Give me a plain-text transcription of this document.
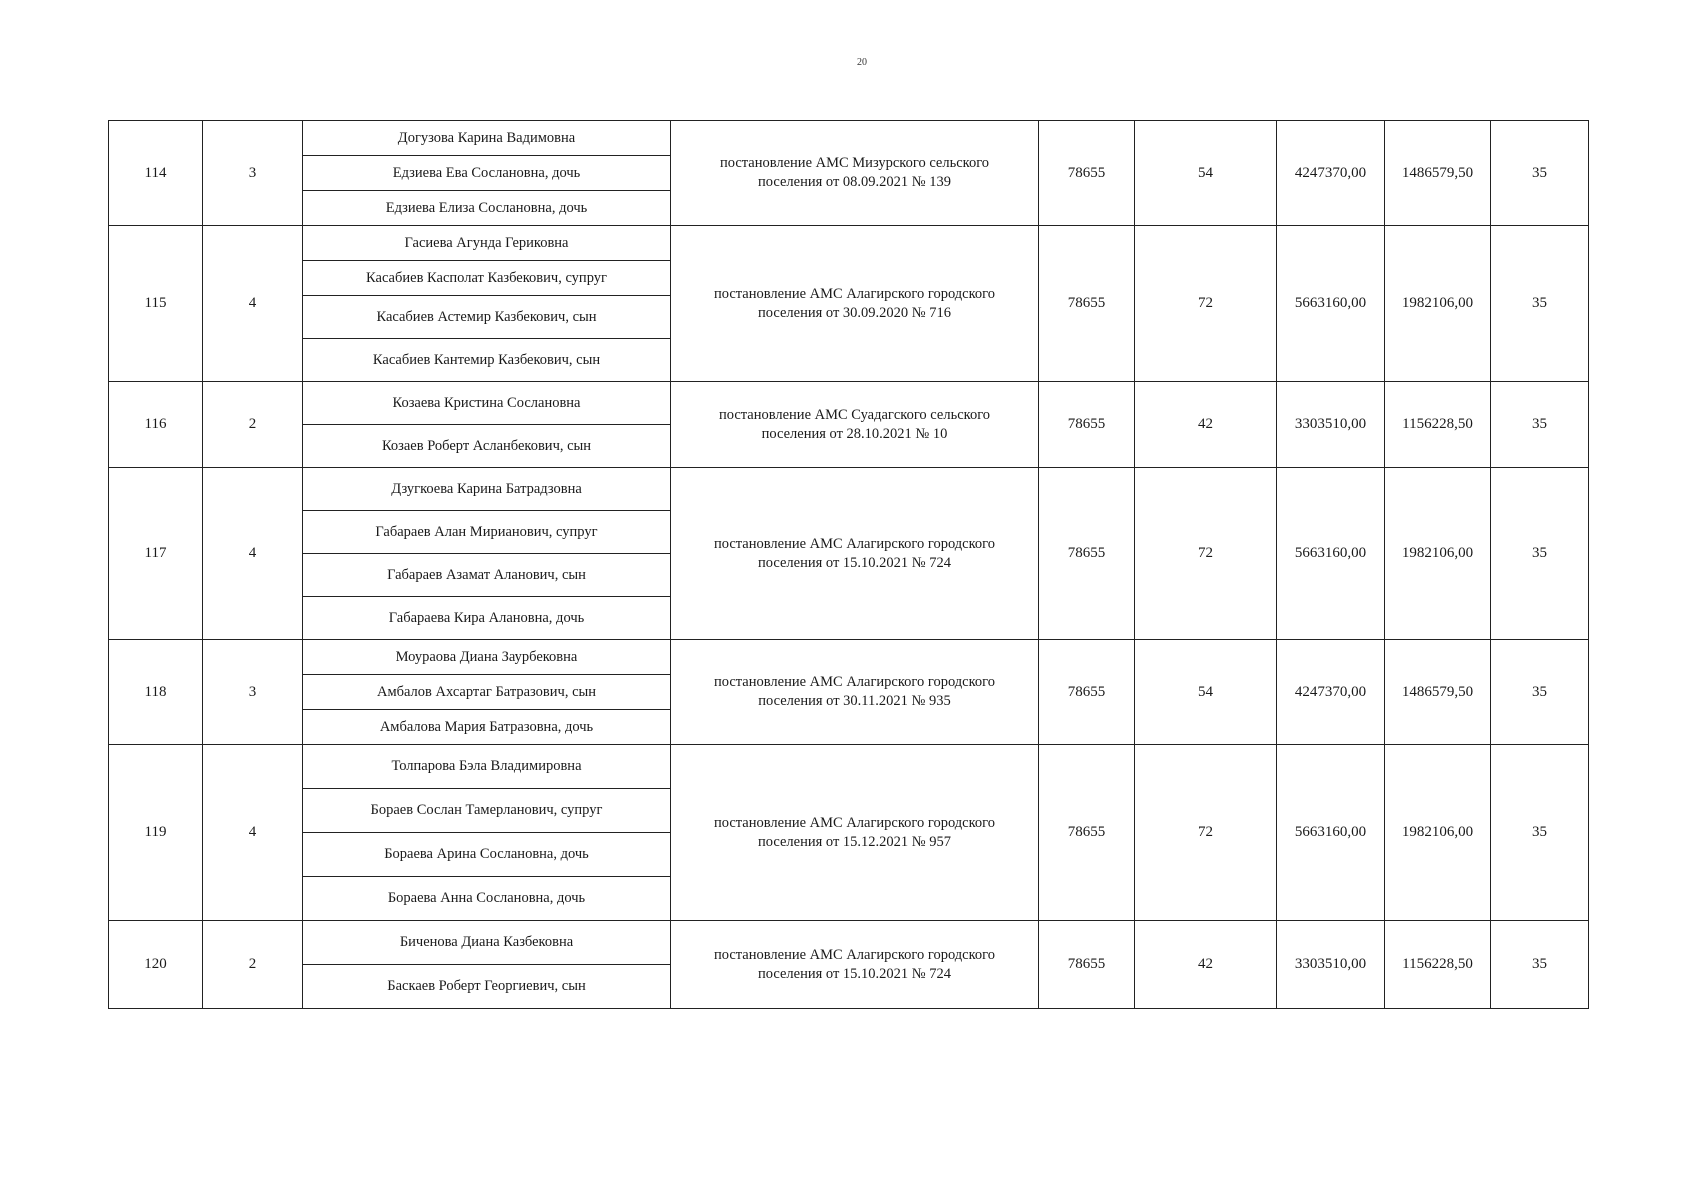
20
114	3	Догузова Карина Вадимовна	постановление АМС Мизурского сельского
поселения от 08.09.2021 № 139	78655	54	4247370,00	1486579,50	35
		Едзиева Ева Сослановна, дочь						
		Едзиева Елиза Сослановна, дочь						
115	4	Гасиева Агунда Гериковна	постановление АМС Алагирского городского
поселения от 30.09.2020 № 716	78655	72	5663160,00	1982106,00	35
		Касабиев Касполат Казбекович, супруг						
		Касабиев Астемир Казбекович, сын						
		Касабиев Кантемир Казбекович, сын						
116	2	Козаева Кристина Сослановна	постановление АМС Суадагского сельского
поселения от 28.10.2021 № 10	78655	42	3303510,00	1156228,50	35
		Козаев Роберт Асланбекович, сын						
117	4	Дзугкоева Карина Батрадзовна	постановление АМС Алагирского городского
поселения от 15.10.2021 № 724	78655	72	5663160,00	1982106,00	35
		Габараев Алан Мирианович, супруг						
		Габараев Азамат Аланович, сын						
		Габараева Кира Алановна, дочь						
118	3	Моураова Диана Заурбековна	постановление АМС Алагирского городского
поселения от 30.11.2021 № 935	78655	54	4247370,00	1486579,50	35
		Амбалов Ахсартаг Батразович, сын						
		Амбалова Мария Батразовна, дочь						
119	4	Толпарова Бэла Владимировна	постановление АМС Алагирского городского
поселения от 15.12.2021 № 957	78655	72	5663160,00	1982106,00	35
		Бораев Сослан Тамерланович, супруг						
		Бораева Арина Сослановна, дочь						
		Бораева Анна Сослановна, дочь						
120	2	Биченова Диана Казбековна	постановление АМС Алагирского городского
поселения от 15.10.2021 № 724	78655	42	3303510,00	1156228,50	35
		Баскаев Роберт Георгиевич, сын						
